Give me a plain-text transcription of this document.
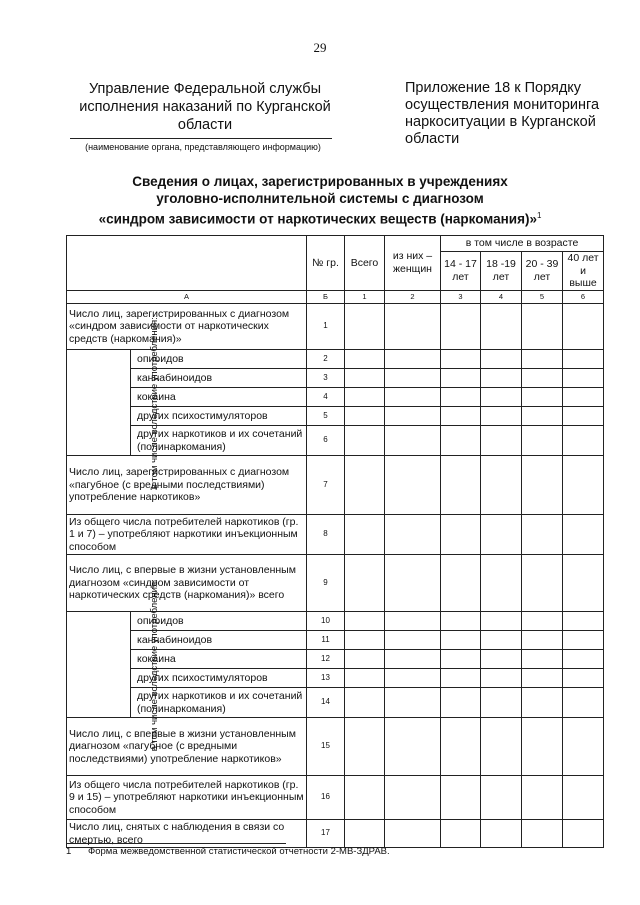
29
Управление Федеральной службы исполнения наказаний по Курганской области
(наименование органа, представляющего информацию)
Приложение 18 к Порядку осуществления мониторинга наркоситуации в Курганской области
Сведения о лицах, зарегистрированных в учреждениях
уголовно-исполнительной системы с диагнозом
«синдром зависимости от наркотических веществ (наркомания)»$^1$
		№ гр.	Всего	из них – женщин	в том числе в возрасте			
					14 - 17 лет	18 -19 лет	20 - 39 лет	40 лет и выше
А		Б	1	2	3	4	5	6
Число лиц, зарегистрированных с диагнозом «синдром зависимости от наркотических средств (наркомания)»		1						
в том числе вследствие употребления:	опиоидов	2						
	каннабиноидов	3						
	кокаина	4						
	других психостимуляторов	5						
	других наркотиков и их сочетаний (полинаркомания)	6						
Число лиц, зарегистрированных с диагнозом «пагубное (с вредными последствиями) употребление наркотиков»		7						
Из общего числа потребителей наркотиков (гр. 1 и 7) – употребляют наркотики инъекционным способом		8						
Число лиц, с впервые в жизни установленным диагнозом «синдром зависимости от наркотических средств (наркомания)» всего		9						
в том числе вследствие употребления:	опиоидов	10						
	каннабиноидов	11						
	кокаина	12						
	других психостимуляторов	13						
	других наркотиков и их сочетаний (полинаркомания)	14						
Число лиц, с впервые в жизни установленным диагнозом «пагубное (с вредными последствиями) употребление наркотиков»		15						
Из общего числа потребителей наркотиков (гр. 9 и 15) – употребляют наркотики инъекционным способом		16						
Число лиц, снятых с наблюдения в связи со смертью, всего		17						
1 Форма межведомственной статистической отчетности 2-МВ-ЗДРАВ.
